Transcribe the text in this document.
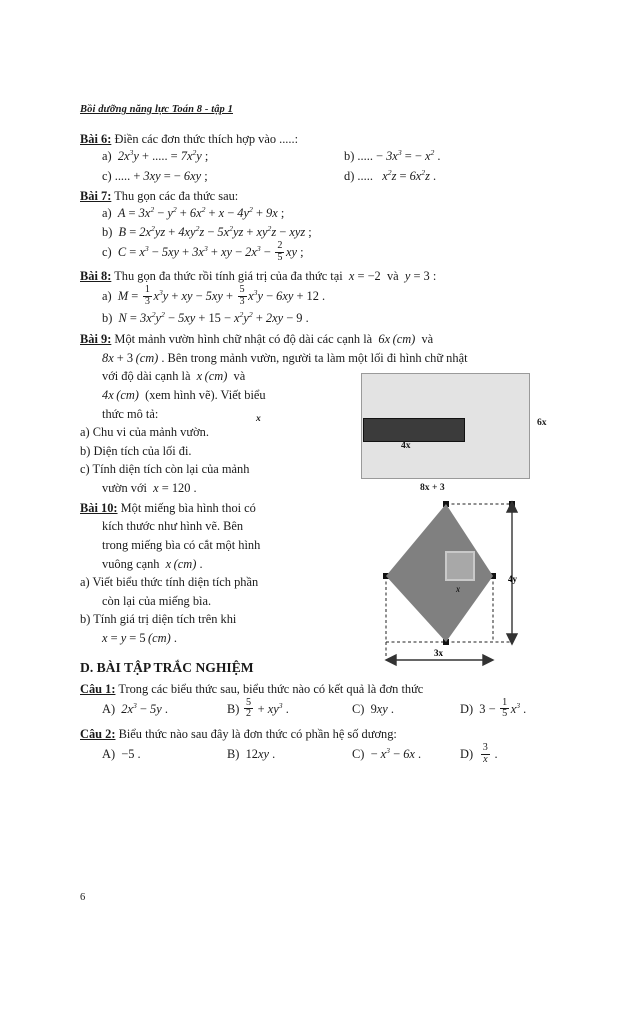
Bồi dưỡng năng lực Toán 8 - tập 1
Bài 6: Điền các đơn thức thích hợp vào .....:
a)  $2x^3y$ + ..... = $7x^2y$ ;	b) ..... − $3x^3$ = − $x^2$ .
c) ..... + 3xy = − 6xy ;	d) .....   $x^2z = 6x^2z$ .
Bài 7: Thu gọn các đa thức sau:
a)  $A = 3x^2 - y^2 + 6x^2 + x - 4y^2 + 9x$ ;
b)  $B = 2x^2yz + 4xy^2z - 5x^2yz + xy^2z$ − xyz ;
c)  $C = x^3 - 5xy + 3x^3$ + xy − $2x^3 - \frac{2}{5}$ xy ;
Bài 8: Thu gọn đa thức rồi tính giá trị của đa thức tại  x = −2  và  y = 3 :
a)  $M = \frac{1}{3} x^3y$ + xy − $5xy + \frac{5}{3} x^3y - 6xy + 12$ .
b)  $N = 3x^2y^2 - 5xy + 15 - x^2y^2 + 2xy - 9$ .
x
4x
6x
8x + 3
Bài 9: Một mảnh vườn hình chữ nhật có độ dài các cạnh là  6x  (cm)  và
8x + 3 (cm) . Bên trong mảnh vườn, người ta làm một lối đi hình chữ nhật
với độ dài cạnh là  x  (cm)  và
4x  (cm)  (xem hình vẽ). Viết biểu
thức mô tả:
a) Chu vi của mảnh vườn.
b) Diện tích của lối đi.
c) Tính diện tích còn lại của mảnh
vườn với  x = 120 .
4y
3x
x
Bài 10: Một miếng bìa hình thoi có
kích thước như hình vẽ. Bên
trong miếng bìa có cắt một hình
vuông cạnh  x  (cm) .
a) Viết biểu thức tính diện tích phần
còn lại của miếng bìa.
b) Tính giá trị diện tích trên khi
x = y = 5 (cm) .
D. BÀI TẬP TRẮC NGHIỆM
Câu 1: Trong các biểu thức sau, biểu thức nào có kết quả là đơn thức
A)  $2x^3 - 5y$ .	$B) \frac{5}{2} + xy^3$ .	C)  9xy .	D)  $3 - \frac{1}{5} x^3$ .
Câu 2: Biểu thức nào sau đây là đơn thức có phần hệ số dương:
A)  −5 .	B)  12xy .	$C) - x^3 - 6x$ .	$D) \frac{3}{x}$ .
6
